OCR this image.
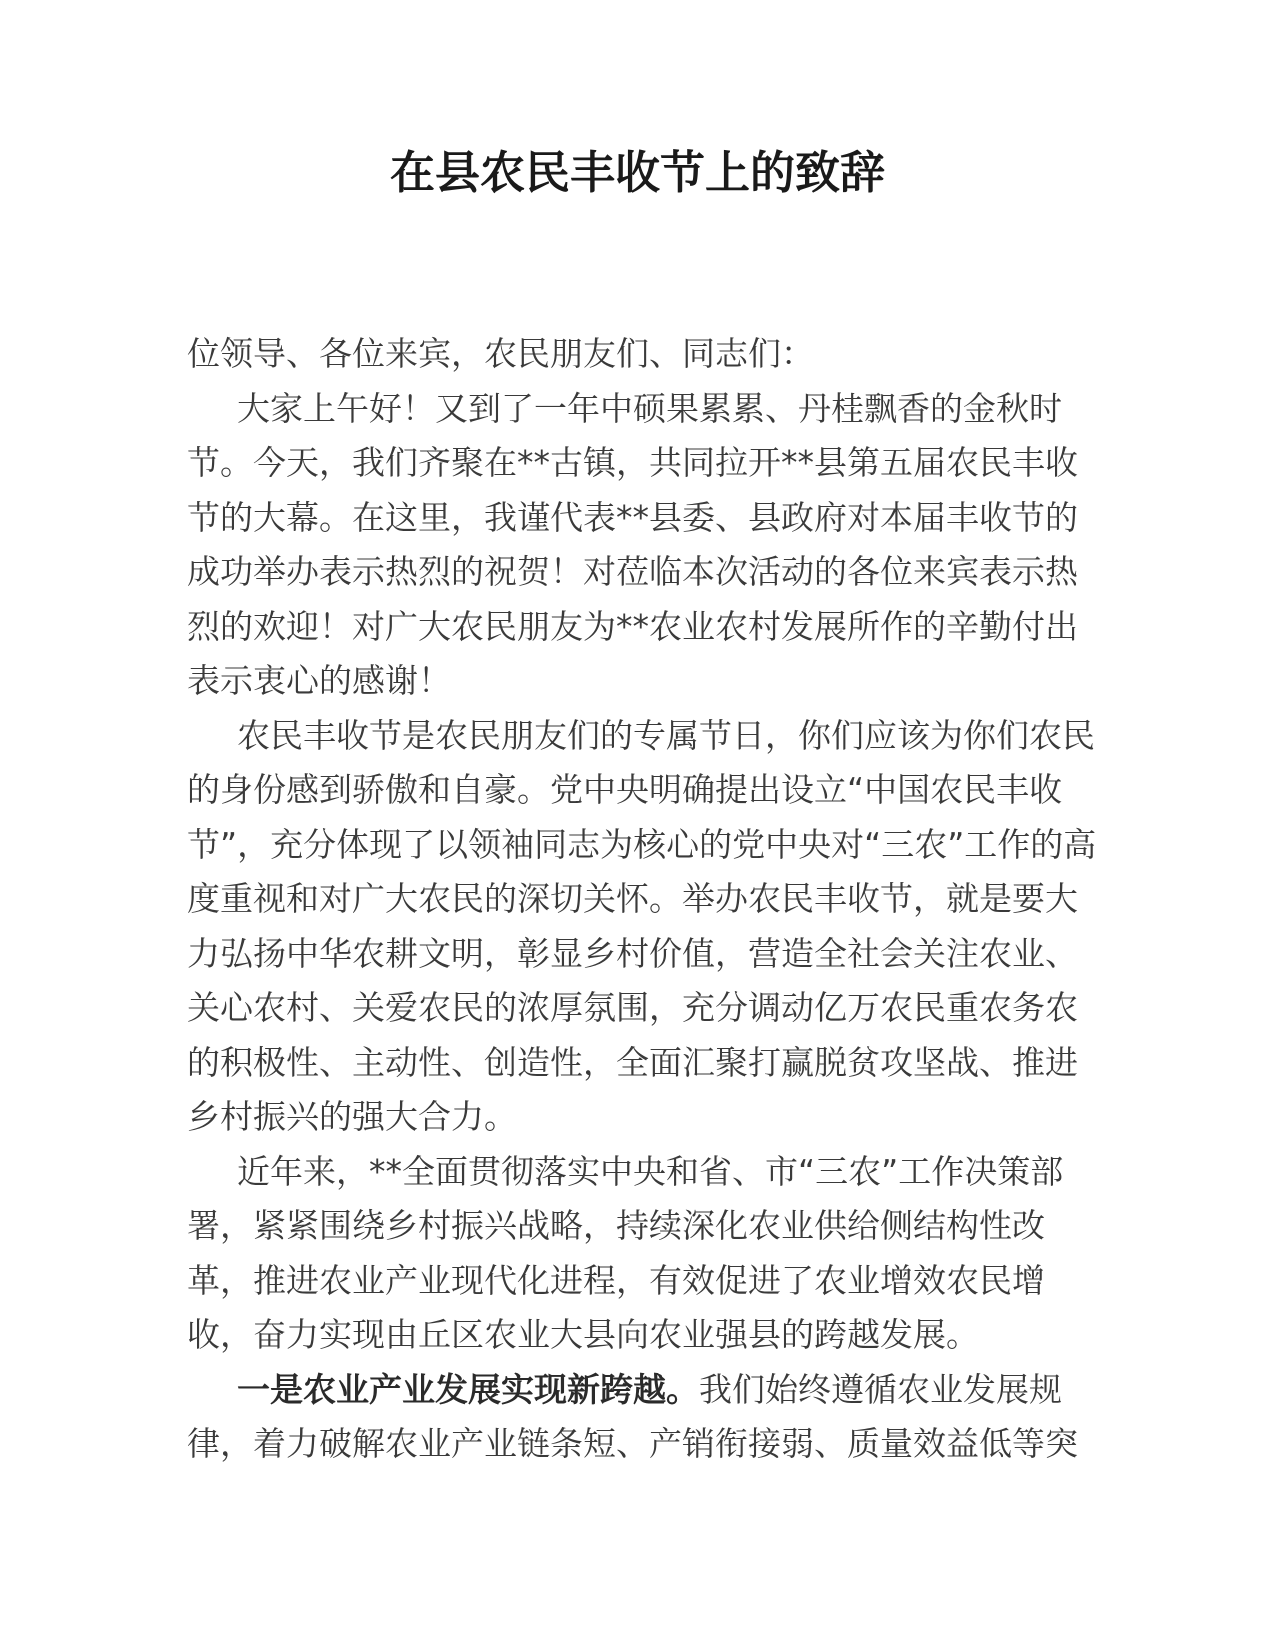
在县农民丰收节上的致辞

位领导、各位来宾，农民朋友们、同志们：

大家上午好！又到了一年中硕果累累、丹桂飘香的金秋时节。今天，我们齐聚在**古镇，共同拉开**县第五届农民丰收节的大幕。在这里，我谨代表**县委、县政府对本届丰收节的成功举办表示热烈的祝贺！对莅临本次活动的各位来宾表示热烈的欢迎！对广大农民朋友为**农业农村发展所作的辛勤付出表示衷心的感谢！

农民丰收节是农民朋友们的专属节日，你们应该为你们农民的身份感到骄傲和自豪。党中央明确提出设立“中国农民丰收节”，充分体现了以领袖同志为核心的党中央对“三农”工作的高度重视和对广大农民的深切关怀。举办农民丰收节，就是要大力弘扬中华农耕文明，彰显乡村价值，营造全社会关注农业、关心农村、关爱农民的浓厚氛围，充分调动亿万农民重农务农的积极性、主动性、创造性，全面汇聚打赢脱贫攻坚战、推进乡村振兴的强大合力。

近年来，**全面贯彻落实中央和省、市“三农”工作决策部署，紧紧围绕乡村振兴战略，持续深化农业供给侧结构性改革，推进农业产业现代化进程，有效促进了农业增效农民增收，奋力实现由丘区农业大县向农业强县的跨越发展。

一是农业产业发展实现新跨越。我们始终遵循农业发展规律，着力破解农业产业链条短、产销衔接弱、质量效益低等突
